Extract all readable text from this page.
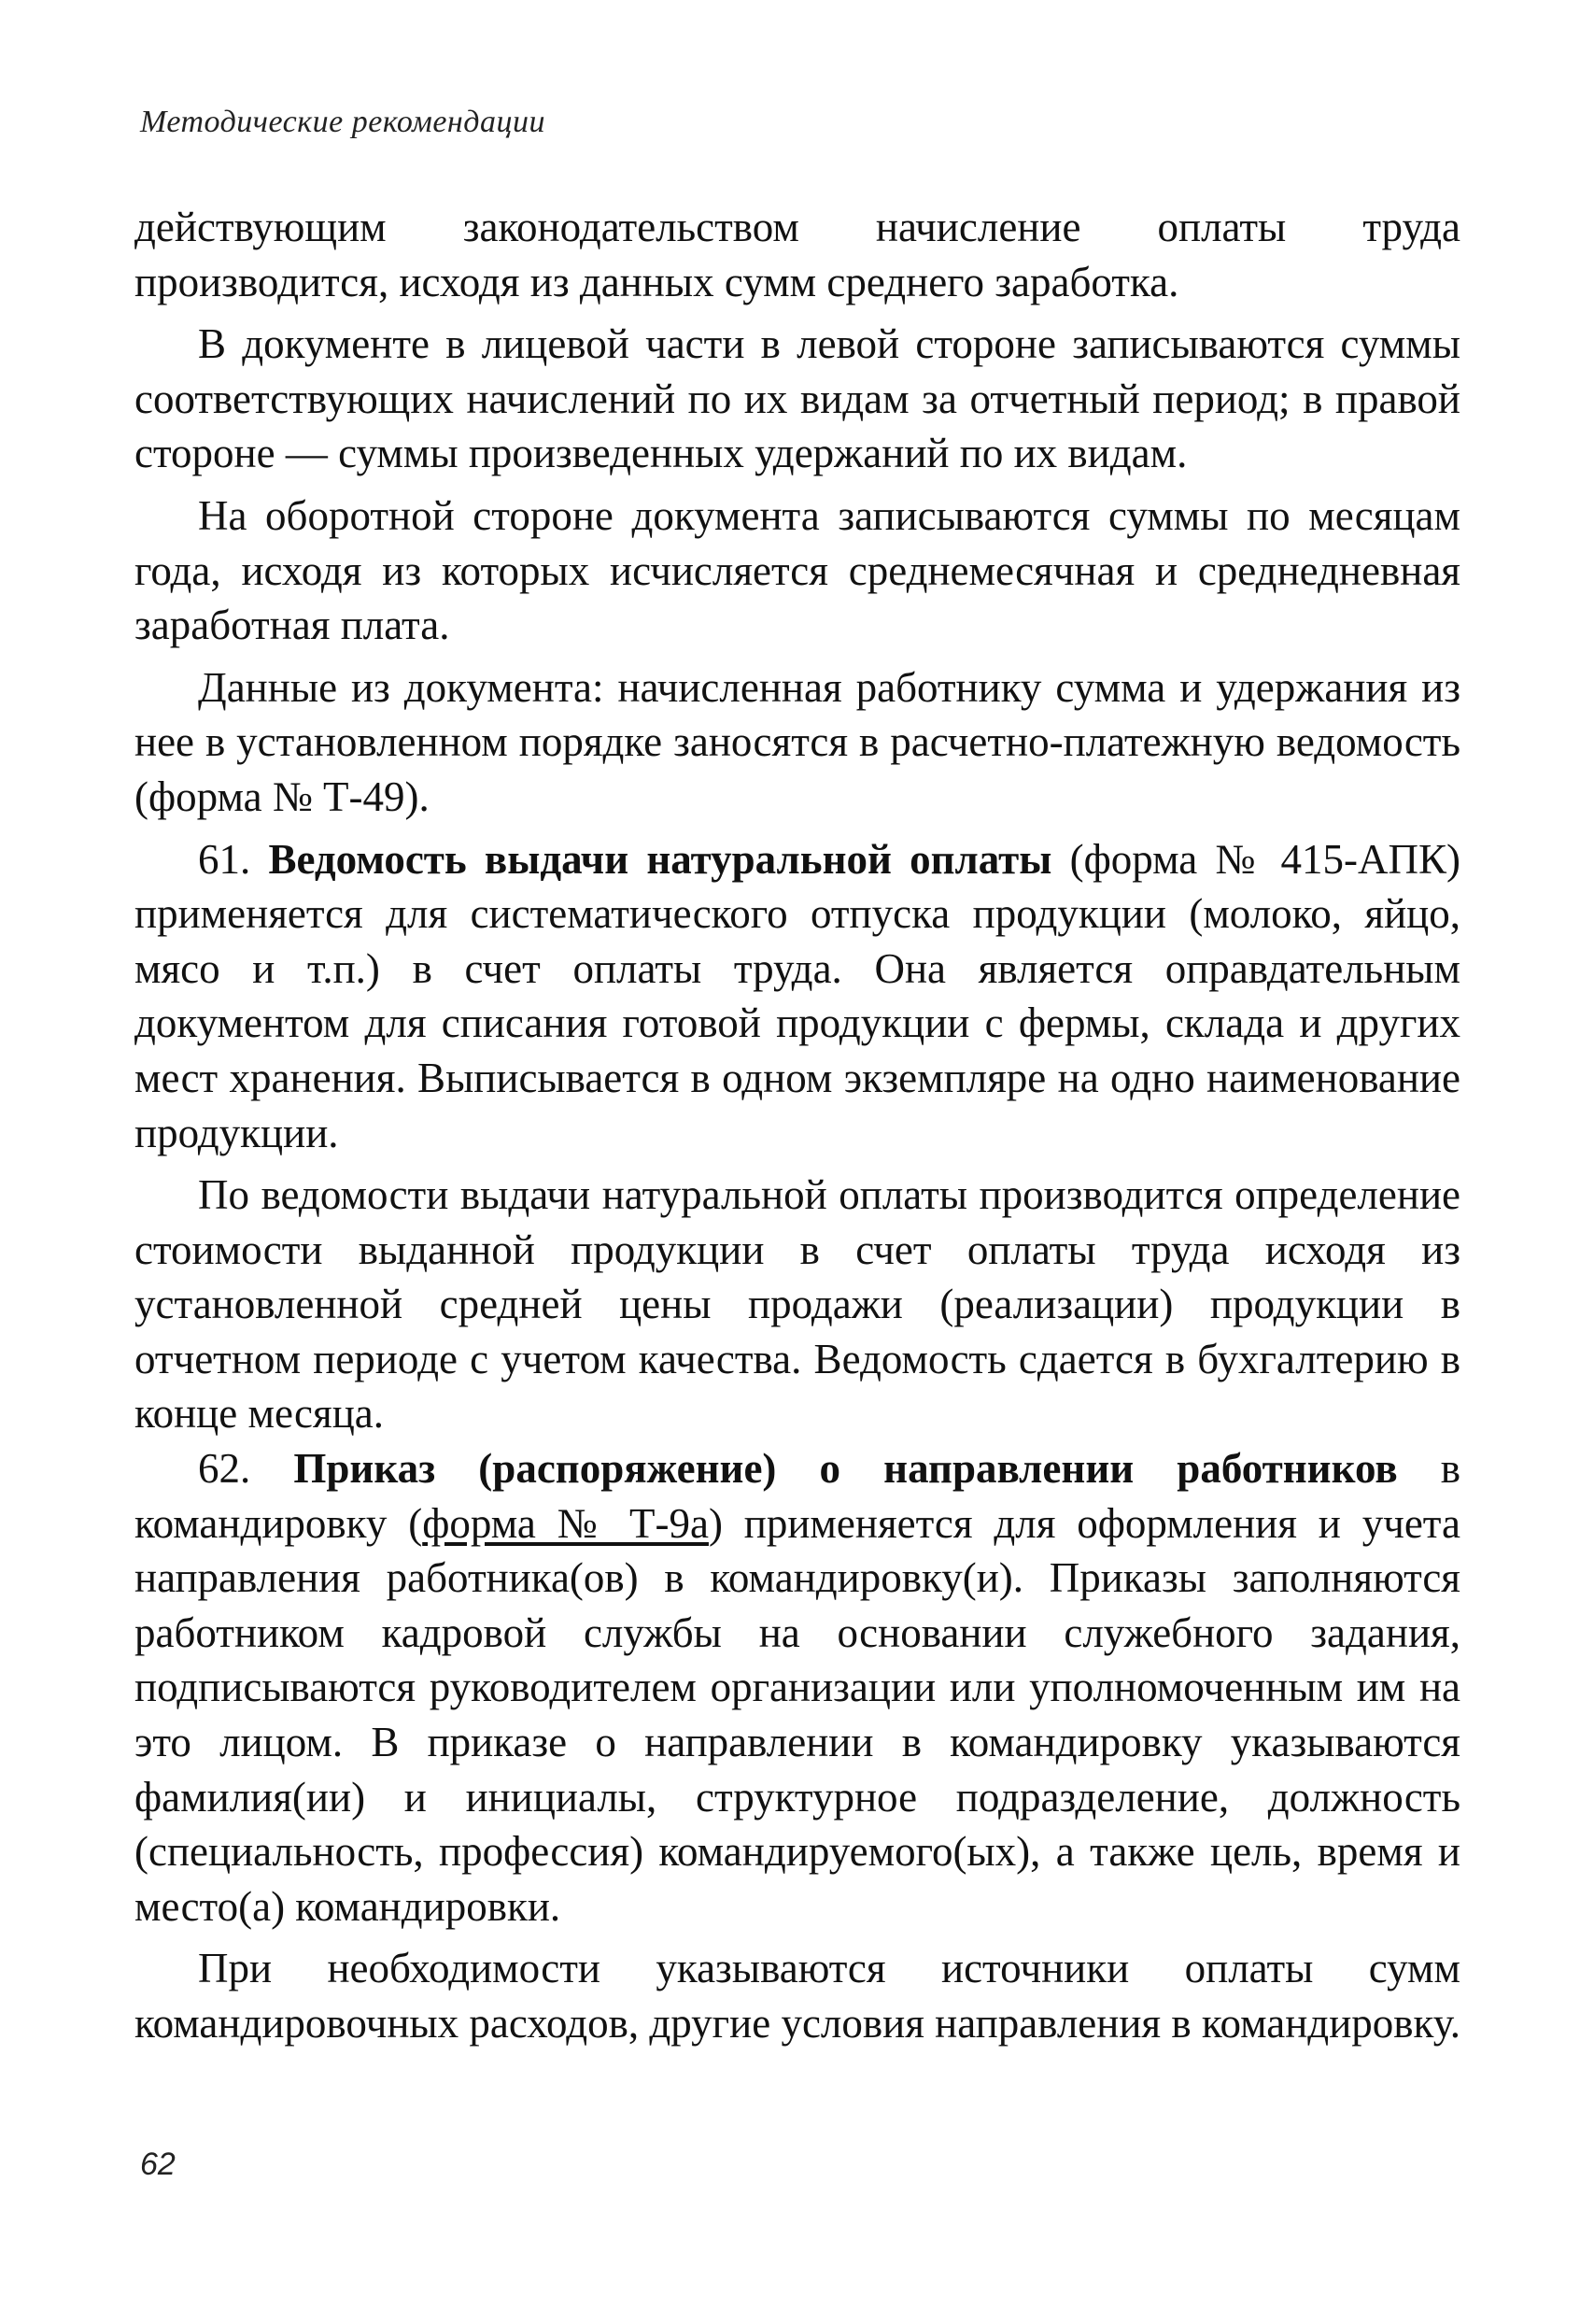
Методические рекомендации

действующим законодательством начисление оплаты труда производится, исходя из данных сумм среднего заработка.

В документе в лицевой части в левой стороне записываются суммы соответствующих начислений по их видам за отчетный период; в правой стороне — суммы произведенных удержаний по их видам.

На оборотной стороне документа записываются суммы по месяцам года, исходя из которых исчисляется среднемесячная и среднедневная заработная плата.

Данные из документа: начисленная работнику сумма и удержания из нее в установленном порядке заносятся в расчетно-платежную ведомость (форма № Т-49).

61. Ведомость выдачи натуральной оплаты (форма № 415-АПК) применяется для систематического отпуска продукции (молоко, яйцо, мясо и т.п.) в счет оплаты труда. Она является оправдательным документом для списания готовой продукции с фермы, склада и других мест хранения. Выписывается в одном экземпляре на одно наименование продукции.

По ведомости выдачи натуральной оплаты производится определение стоимости выданной продукции в счет оплаты труда исходя из установленной средней цены продажи (реализации) продукции в отчетном периоде с учетом качества. Ведомость сдается в бухгалтерию в конце месяца.

62. Приказ (распоряжение) о направлении работников в командировку (форма № Т-9а) применяется для оформления и учета направления работника(ов) в командировку(и). Приказы заполняются работником кадровой службы на основании служебного задания, подписываются руководителем организации или уполномоченным им на это лицом. В приказе о направлении в командировку указываются фамилия(ии) и инициалы, структурное подразделение, должность (специальность, профессия) командируемого(ых), а также цель, время и место(а) командировки.

При необходимости указываются источники оплаты сумм командировочных расходов, другие условия направления в командировку.

62
